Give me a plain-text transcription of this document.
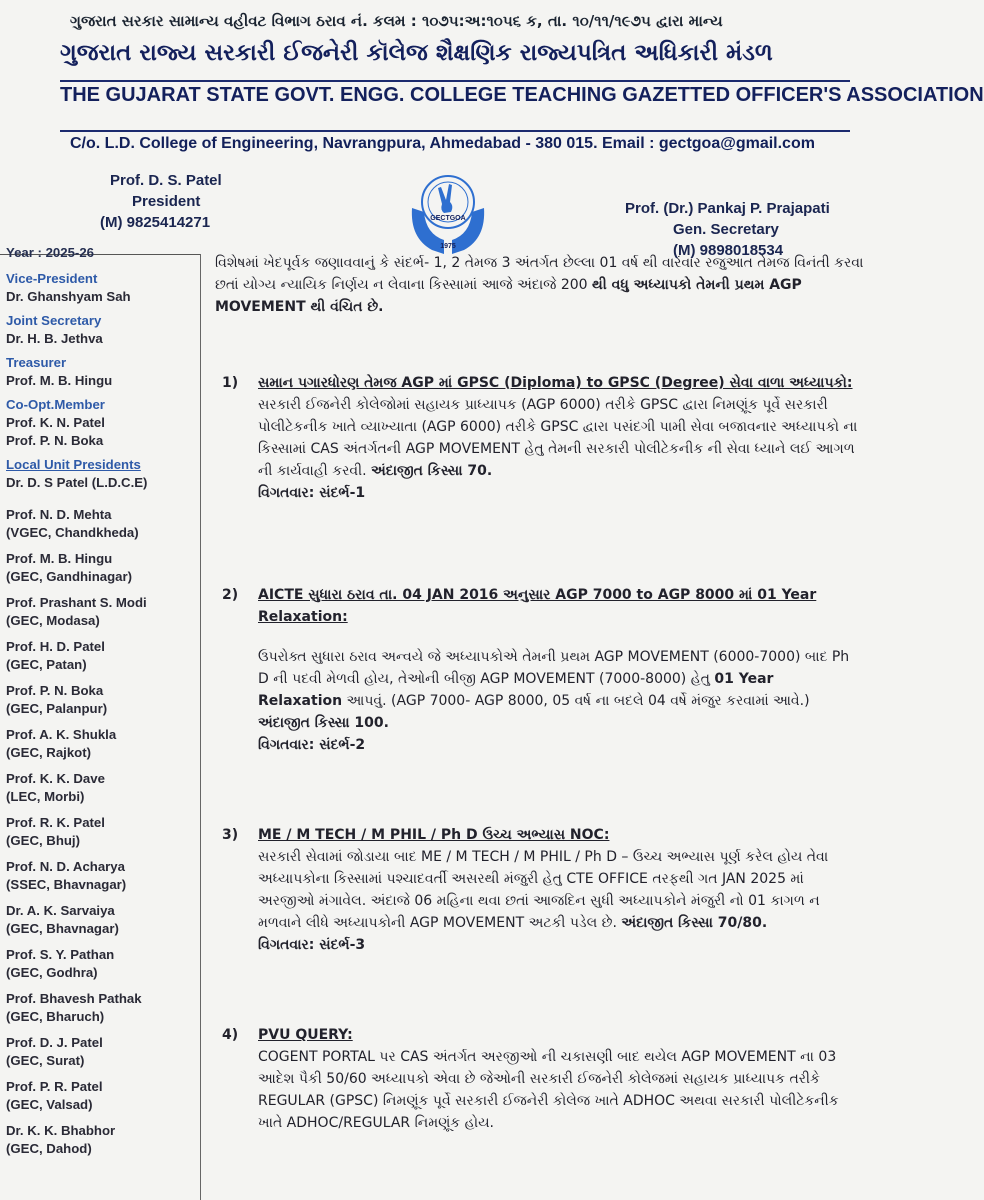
ગુજરાત સરકાર સામાન્ય વહીવટ વિભાગ ઠરાવ નં. કલમ : ૧૦૭૫:અ:૧૦૫૬ ક, તા. ૧૦/૧૧/૧૯૭૫ દ્વારા માન્ય
ગુજરાત રાજ્ય સરકારી ઈજનેરી કૉલેજ શૈક્ષણિક રાજ્યપત્રિત અધિકારી મંડળ
THE GUJARAT STATE GOVT. ENGG. COLLEGE TEACHING GAZETTED OFFICER'S ASSOCIATION
C/o. L.D. College of Engineering, Navrangpura, Ahmedabad - 380 015. Email : gectgoa@gmail.com
Prof. D. S. Patel
President
(M) 9825414271	GECTGOA
1975
Prof. (Dr.) Pankaj P. Prajapati
Gen. Secretary
(M) 9898018534
Year : 2025-26
Vice-President
Dr. Ghanshyam Sah
Joint Secretary
Dr. H. B. Jethva
Treasurer
Prof. M. B. Hingu
Co-Opt.Member
Prof. K. N. Patel
Prof. P. N. Boka
Local Unit Presidents
Dr. D. S Patel (L.D.C.E)
Prof. N. D. Mehta
(VGEC, Chandkheda)
Prof. M. B. Hingu
(GEC, Gandhinagar)
Prof. Prashant S. Modi
(GEC, Modasa)
Prof. H. D. Patel
(GEC, Patan)
Prof. P. N. Boka
(GEC, Palanpur)
Prof. A. K. Shukla
(GEC, Rajkot)
Prof. K. K. Dave
(LEC, Morbi)
Prof. R. K. Patel
(GEC, Bhuj)
Prof. N. D. Acharya
(SSEC, Bhavnagar)
Dr. A. K. Sarvaiya
(GEC, Bhavnagar)
Prof. S. Y. Pathan
(GEC, Godhra)
Prof. Bhavesh Pathak
(GEC, Bharuch)
Prof. D. J. Patel
(GEC, Surat)
Prof. P. R. Patel
(GEC, Valsad)
Dr. K. K. Bhabhor
(GEC, Dahod)

વિશેષમાં ખેદપૂર્વક જણાવવાનું કે સંદર્ભ- 1, 2 તેમજ 3 અંતર્ગત છેલ્લા 01 વર્ષ થી વારંવાર રજુઆત તેમજ વિનંતી કરવા છતાં યોગ્ય ન્યાયિક નિર્ણય ન લેવાના કિસ્સામાં આજે અંદાજે 200 થી વધુ અધ્યાપકો તેમની પ્રથમ AGP MOVEMENT થી વંચિત છે.

1) સમાન પગારધોરણ તેમજ AGP માં GPSC (Diploma) to GPSC (Degree) સેવા વાળા અધ્યાપકો:

સરકારી ઈજનેરી કોલેજોમાં સહાયક પ્રાધ્યાપક (AGP 6000) તરીકે GPSC દ્વારા નિમણૂંક પૂર્વે સરકારી પોલીટેકનીક ખાતે વ્યાખ્યાતા (AGP 6000) તરીકે GPSC દ્વારા પસંદગી પામી સેવા બજાવનાર અધ્યાપકો ના કિસ્સામાં CAS અંતર્ગતની AGP MOVEMENT હેતુ તેમની સરકારી પોલીટેકનીક ની સેવા ધ્યાને લઈ આગળ ની કાર્યવાહી કરવી. અંદાજીત કિસ્સા 70.

વિગતવાર: સંદર્ભ-1
2) AICTE સુધારા ઠરાવ તા. 04 JAN 2016 અનુસાર AGP 7000 to AGP 8000 માં 01 Year Relaxation:

ઉપરોક્ત સુધારા ઠરાવ અન્વયે જે અધ્યાપકોએ તેમની પ્રથમ AGP MOVEMENT (6000-7000) બાદ Ph D ની પદવી મેળવી હોય, તેઓની બીજી AGP MOVEMENT (7000-8000) હેતુ 01 Year Relaxation આપવું. (AGP 7000- AGP 8000, 05 વર્ષ ના બદલે 04 વર્ષે મંજુર કરવામાં આવે.) અંદાજીત કિસ્સા 100.

વિગતવાર: સંદર્ભ-2
3) ME / M TECH / M PHIL / Ph D ઉચ્ચ અભ્યાસ NOC:

સરકારી સેવામાં જોડાયા બાદ ME / M TECH / M PHIL / Ph D – ઉચ્ચ અભ્યાસ પૂર્ણ કરેલ હોય તેવા અધ્યાપકોના કિસ્સામાં પશ્ચાદવર્તી અસરથી મંજુરી હેતુ CTE OFFICE તરફથી ગત JAN 2025 માં અરજીઓ મંગાવેલ. અંદાજે 06 મહિના થવા છતાં આજદિન સુધી અધ્યાપકોને મંજુરી નો 01 કાગળ ન મળવાને લીધે અધ્યાપકોની AGP MOVEMENT અટકી પડેલ છે. અંદાજીત કિસ્સા 70/80.

વિગતવાર: સંદર્ભ-3
4) PVU QUERY:

COGENT PORTAL પર CAS અંતર્ગત અરજીઓ ની ચકાસણી બાદ થયેલ AGP MOVEMENT ના 03 આદેશ પૈકી 50/60 અધ્યાપકો એવા છે જેઓની સરકારી ઈજનેરી કોલેજમાં સહાયક પ્રાધ્યાપક તરીકે REGULAR (GPSC) નિમણૂંક પૂર્વે સરકારી ઈજનેરી કોલેજ ખાતે ADHOC અથવા સરકારી પોલીટેકનીક ખાતે ADHOC/REGULAR નિમણૂંક હોય.
